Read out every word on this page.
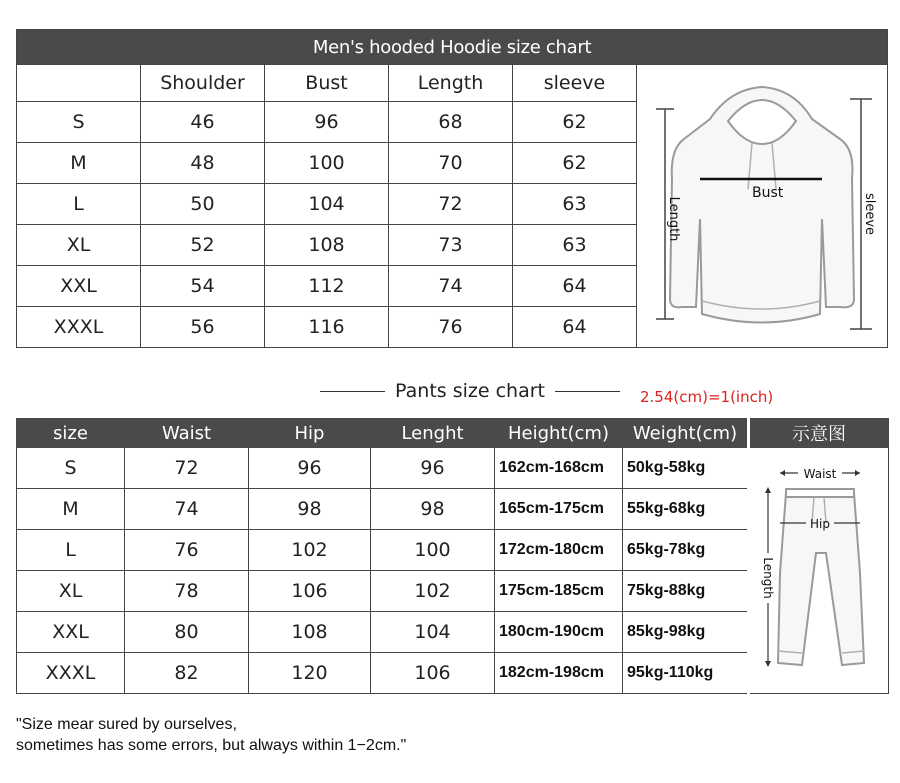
Men's hooded Hoodie size chart					
	Shoulder	Bust	Length	sleeve	Bust
Length sleeve

S	46	96	68	62	
M	48	100	70	62	
L	50	104	72	63	
XL	52	108	73	63	
XXL	54	112	74	64	
XXXL	56	116	76	64	
Pants size chart	2.54(cm)=1(inch)
size	Waist	Hip	Lenght	Height(cm)	Weight(cm)	示意图
S	72	96	96	162cm-168cm	50kg-58kg	Waist
Hip
Length

M	74	98	98	165cm-175cm	55kg-68kg	
L	76	102	100	172cm-180cm	65kg-78kg	
XL	78	106	102	175cm-185cm	75kg-88kg	
XXL	80	108	104	180cm-190cm	85kg-98kg	
XXXL	82	120	106	182cm-198cm	95kg-110kg	
"Size mear sured by ourselves,
sometimes has some errors, but always within 1−2cm."
